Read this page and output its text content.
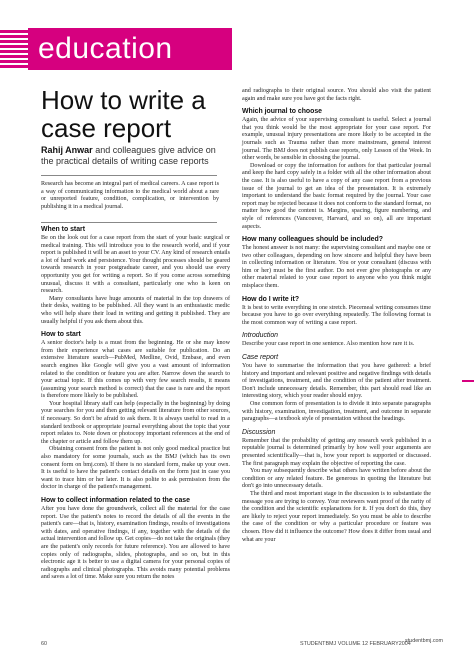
education
How to write a
case report
Rahij Anwar and colleagues give advice on the practical details of writing case reports
Research has become an integral part of medical careers. A case report is a way of communicating information to the medical world about a rare or unreported feature, condition, complication, or intervention by publishing it in a medical journal.
When to start

Be on the look out for a case report from the start of your basic surgical or medical training. This will introduce you to the research world, and if your report is published it will be an asset to your CV. Any kind of research entails a lot of hard work and persistence. Your thought processes should be geared towards research in your postgraduate career, and you should use every opportunity you get for writing a report. So if you come across something unusual, discuss it with a consultant, particularly one who is keen on research.

Many consultants have huge amounts of material in the top drawers of their desks, waiting to be published. All they want is an enthusiastic medic who will help share their load in writing and getting it published. They are usually helpful if you ask them about this.

How to start

A senior doctor's help is a must from the beginning. He or she may know from their experience what cases are suitable for publication. Do an extensive literature search—PubMed, Medline, Ovid, Embase, and even search engines like Google will give you a vast amount of information related to the condition or feature you are after. Narrow down the search to your actual topic. If this comes up with very few search results, it means (assuming your search method is correct) that the case is rare and the report is therefore more likely to be published.

Your hospital library staff can help (especially in the beginning) by doing your searches for you and then getting relevant literature from other sources, if necessary. So don't be afraid to ask them. It is always useful to read in a standard textbook or appropriate journal everything about the topic that your report relates to. Note down or photocopy important references at the end of the chapter or article and follow them up.

Obtaining consent from the patient is not only good medical practice but also mandatory for some journals, such as the BMJ (which has its own consent form on bmj.com). If there is no standard form, make up your own. It is useful to have the patient's contact details on the form just in case you want to trace him or her later. It is also polite to ask permission from the doctor in charge of the patient's management.

How to collect information related to the case

After you have done the groundwork, collect all the material for the case report. Use the patient's notes to record the details of all the events in the patient's care—that is, history, examination findings, results of investigations with dates, and operative findings, if any, together with the details of the actual intervention and follow up. Get copies—do not take the originals (they are the patient's only records for future reference). You are allowed to have copies only of radiographs, slides, photographs, and so on, but in this electronic age it is better to use a digital camera for your personal copies of radiographs and clinical photographs. This avoids many potential problems and saves a lot of time. Make sure you return the notes

and radiographs to their original source. You should also visit the patient again and make sure you have got the facts right.

Which journal to choose

Again, the advice of your supervising consultant is useful. Select a journal that you think would be the most appropriate for your case report. For example, unusual injury presentations are more likely to be accepted in the journals such as Trauma rather than more mainstream, general interest journal. The BMJ does not publish case reports, only Lesson of the Week. In other words, be sensible in choosing the journal.

Download or copy the information for authors for that particular journal and keep the hard copy safely in a folder with all the other information about the case. It is also useful to have a copy of any case report from a previous issue of the journal to get an idea of the presentation. It is extremely important to understand the basic format required by the journal. Your case report may be rejected because it does not conform to the standard format, no matter how good the content is. Margins, spacing, figure numbering, and style of references (Vancouver, Harvard, and so on), all are important aspects.

How many colleagues should be included?

The honest answer is not many: the supervising consultant and maybe one or two other colleagues, depending on how sincere and helpful they have been in collecting information or literature. You or your consultant (discuss with him or her) must be the first author. Do not ever give photographs or any other material related to your case report to anyone who you think might misplace them.

How do I write it?

It is best to write everything in one stretch. Piecemeal writing consumes time because you have to go over everything repeatedly. The following format is the most common way of writing a case report.

Introduction

Describe your case report in one sentence. Also mention how rare it is.

Case report

You have to summarise the information that you have gathered: a brief history and important and relevant positive and negative findings with details of investigations, treatment, and the condition of the patient after treatment. Don't include unnecessary details. Remember, this part should read like an interesting story, which your reader should enjoy.

One common form of presentation is to divide it into separate paragraphs with history, examination, investigation, treatment, and outcome in separate paragraphs—a textbook style of presentation without the headings.

Discussion

Remember that the probability of getting any research work published in a reputable journal is determined primarily by how well your arguments are presented scientifically—that is, how your report is supported or discussed. The first paragraph may explain the objective of reporting the case.

You may subsequently describe what others have written before about the condition or any related feature. Be generous in quoting the literature but don't go into unnecessary details.

The third and most important stage in the discussion is to substantiate the message you are trying to convey. Your reviewers want proof of the rarity of the condition and the scientific explanations for it. If you don't do this, they are likely to reject your report immediately. So you must be able to describe the case of the condition or why a particular procedure or feature was chosen. How did it influence the outcome? How does it differ from usual and what are your

60	STUDENTBMJ VOLUME 12 FEBRUARY2004
studentbmj.com
